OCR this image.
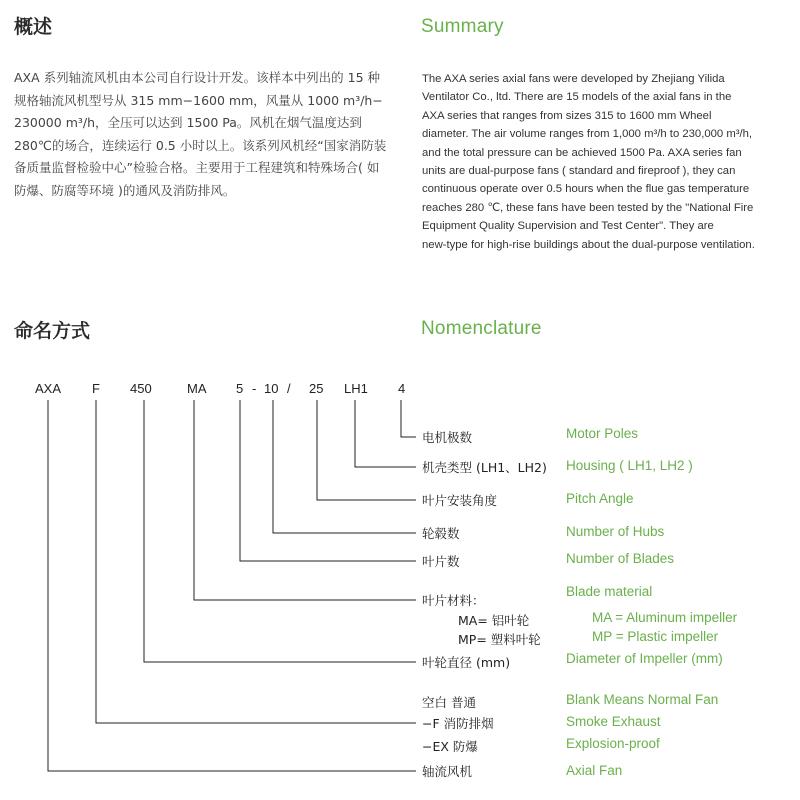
概述	Summary
AXA 系列轴流风机由本公司自行设计开发。该样本中列出的 15 种
规格轴流风机型号从 315 mm−1600 mm，风量从 1000 m³/h−
230000 m³/h，全压可以达到 1500 Pa。风机在烟气温度达到
280℃的场合，连续运行 0.5 小时以上。该系列风机经“国家消防装
备质量监督检验中心”检验合格。主要用于工程建筑和特殊场合( 如
防爆、防腐等环境 )的通风及消防排风。
The AXA series axial fans were developed by Zhejiang Yilida
Ventilator Co., ltd. There are 15 models of the axial fans in the
AXA series that ranges from sizes 315 to 1600 mm Wheel
diameter. The air volume ranges from 1,000 m³/h to 230,000 m³/h,
and the total pressure can be achieved 1500 Pa. AXA series fan
units are dual-purpose fans ( standard and fireproof ), they can
continuous operate over 0.5 hours when the flue gas temperature
reaches 280 ℃, these fans have been tested by the "National Fire
Equipment Quality Supervision and Test Center". They are
new-type for high-rise buildings about the dual-purpose ventilation.
命名方式	Nomenclature
AXA F 450	MA 5 - 10 / 25 LH1 4
电机极数
机壳类型 (LH1、LH2)
叶片安装角度
轮毂数
叶片数
叶片材料：
MA= 铝叶轮
MP= 塑料叶轮
叶轮直径 (mm)
空白 普通
−F 消防排烟
−EX 防爆
轴流风机
Motor Poles
Housing ( LH1, LH2 )
Pitch Angle
Number of Hubs
Number of Blades
Blade material
MA = Aluminum impeller
MP = Plastic impeller
Diameter of Impeller (mm)
Blank Means Normal Fan
Smoke Exhaust
Explosion-proof
Axial Fan
